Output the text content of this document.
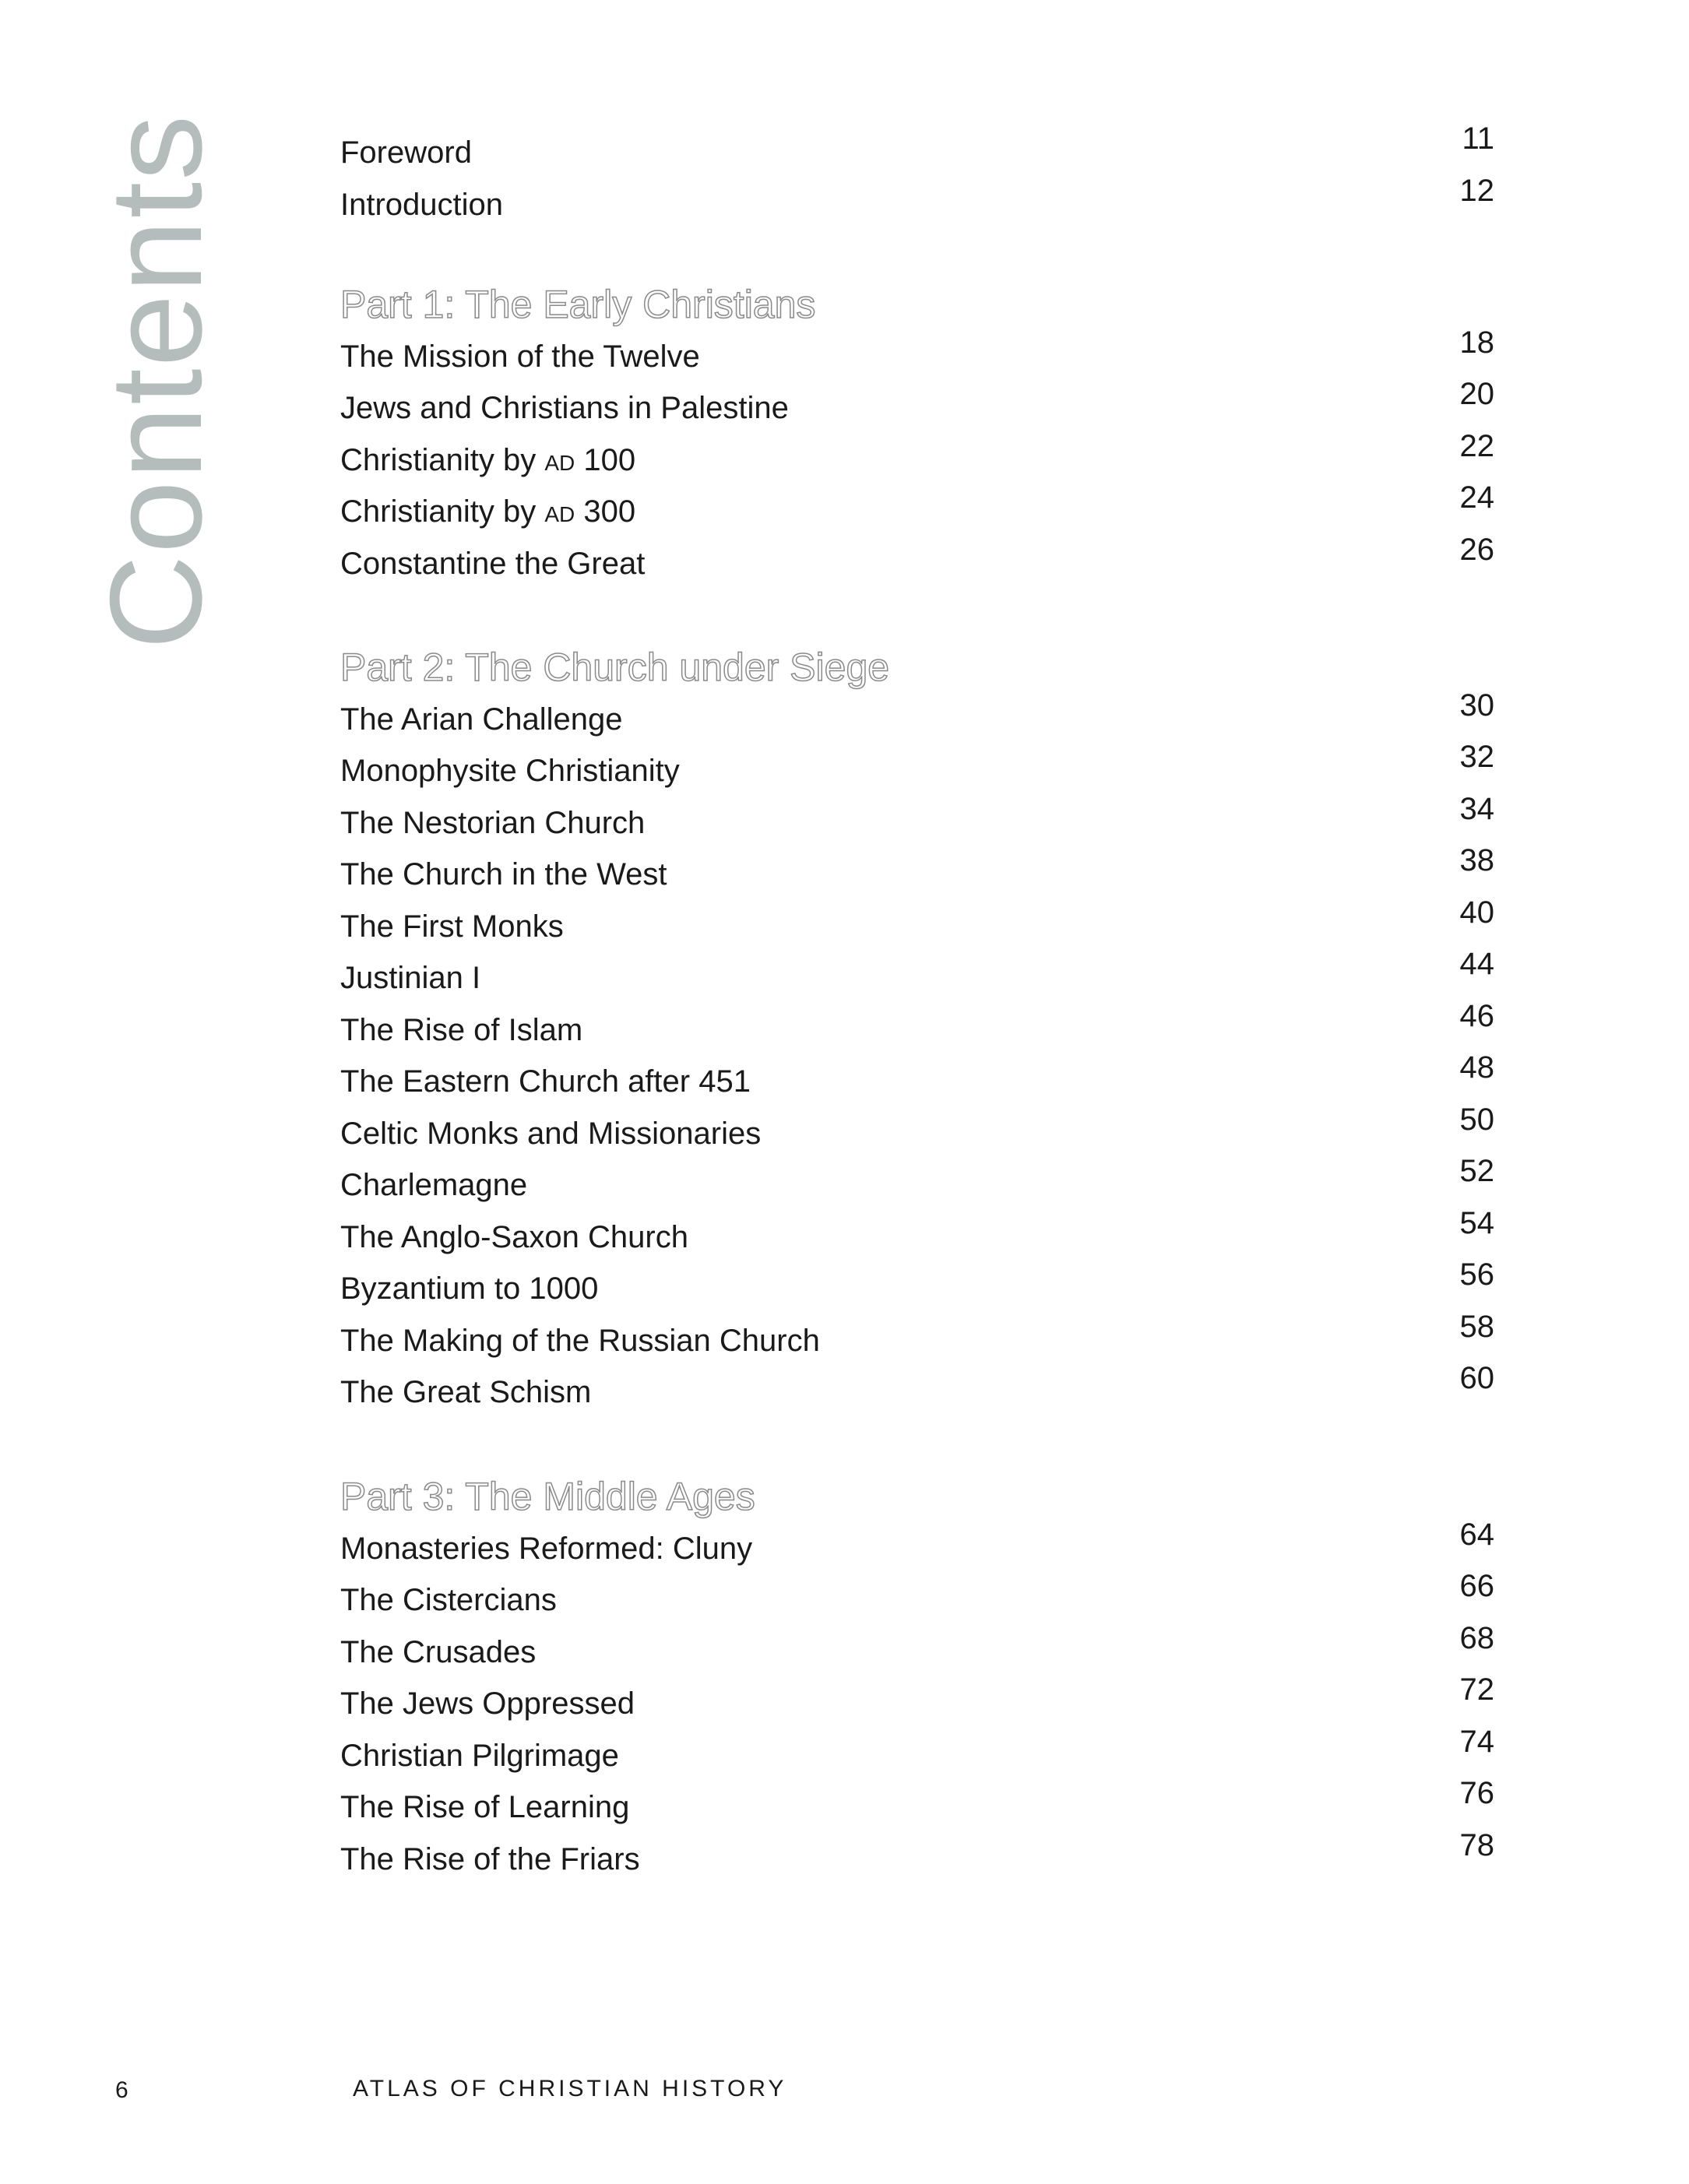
Contents	Foreword	11
Introduction	12
Part 1: The Early Christians
The Mission of the Twelve	18
Jews and Christians in Palestine	20
Christianity by AD 100	22
Christianity by AD 300	24
Constantine the Great	26
Part 2: The Church under Siege
The Arian Challenge	30
Monophysite Christianity	32
The Nestorian Church	34
The Church in the West	38
The First Monks	40
Justinian I	44
The Rise of Islam	46
The Eastern Church after 451	48
Celtic Monks and Missionaries	50
Charlemagne	52
The Anglo-Saxon Church	54
Byzantium to 1000	56
The Making of the Russian Church	58
The Great Schism	60
Part 3: The Middle Ages
Monasteries Reformed: Cluny	64
The Cistercians	66
The Crusades	68
The Jews Oppressed	72
Christian Pilgrimage	74
The Rise of Learning	76
The Rise of the Friars	78
6	ATLAS OF CHRISTIAN HISTORY
